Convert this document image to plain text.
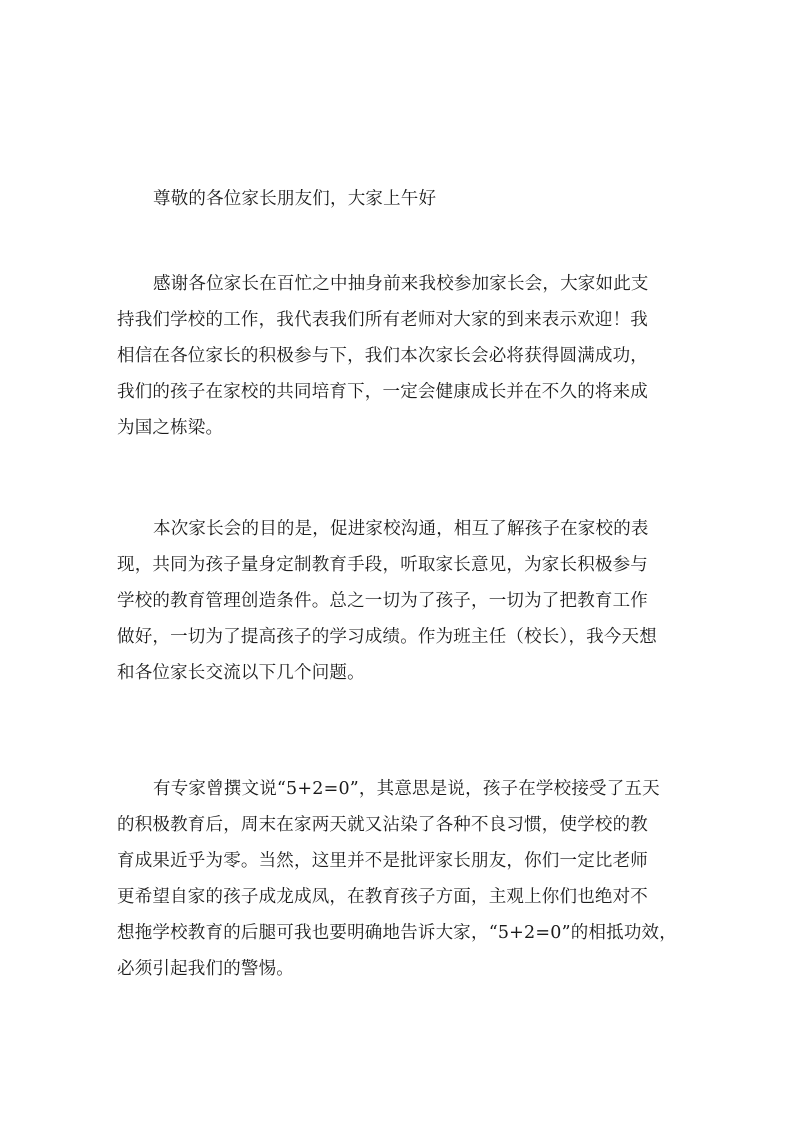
尊敬的各位家长朋友们，大家上午好
感谢各位家长在百忙之中抽身前来我校参加家长会，大家如此支
持我们学校的工作，我代表我们所有老师对大家的到来表示欢迎！我
相信在各位家长的积极参与下，我们本次家长会必将获得圆满成功，
我们的孩子在家校的共同培育下，一定会健康成长并在不久的将来成
为国之栋梁。
本次家长会的目的是，促进家校沟通，相互了解孩子在家校的表
现，共同为孩子量身定制教育手段，听取家长意见，为家长积极参与
学校的教育管理创造条件。总之一切为了孩子，一切为了把教育工作
做好，一切为了提高孩子的学习成绩。作为班主任（校长），我今天想
和各位家长交流以下几个问题。
有专家曾撰文说“5+2=0”，其意思是说，孩子在学校接受了五天
的积极教育后，周末在家两天就又沾染了各种不良习惯，使学校的教
育成果近乎为零。当然，这里并不是批评家长朋友，你们一定比老师
更希望自家的孩子成龙成凤，在教育孩子方面，主观上你们也绝对不
想拖学校教育的后腿可我也要明确地告诉大家，“5+2=0”的相抵功效，
必须引起我们的警惕。
